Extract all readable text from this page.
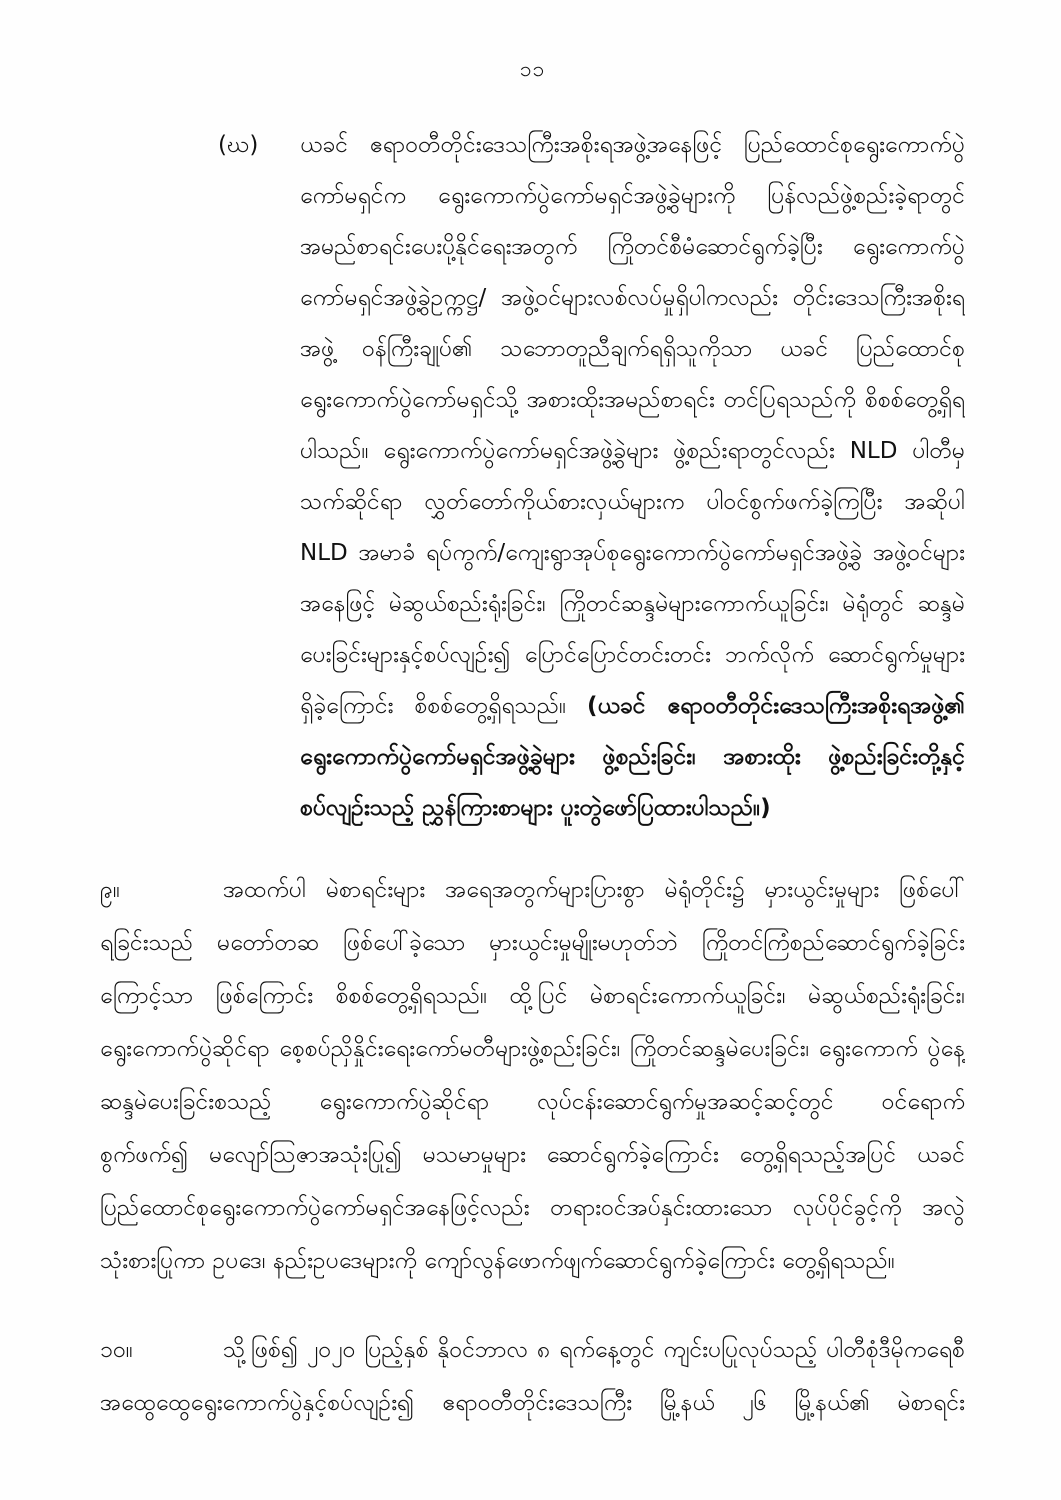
၁၁
(ဃ)	ယခင် ဧရာဝတီတိုင်းဒေသကြီးအစိုးရအဖွဲ့အနေဖြင့် ပြည်ထောင်စုရွေးကောက်ပွဲ
ကော်မရှင်က ရွေးကောက်ပွဲကော်မရှင်အဖွဲ့ခွဲများကို ပြန်လည်ဖွဲ့စည်းခဲ့ရာတွင်
အမည်စာရင်းပေးပို့နိုင်ရေးအတွက် ကြိုတင်စီမံဆောင်ရွက်ခဲ့ပြီး ရွေးကောက်ပွဲ
ကော်မရှင်အဖွဲ့ခွဲဥက္ကဋ္ဌ/ အဖွဲ့ဝင်များလစ်လပ်မှုရှိပါကလည်း တိုင်းဒေသကြီးအစိုးရ
အဖွဲ့ ဝန်ကြီးချုပ်၏ သဘောတူညီချက်ရရှိသူကိုသာ ယခင် ပြည်ထောင်စု
ရွေးကောက်ပွဲကော်မရှင်သို့ အစားထိုးအမည်စာရင်း တင်ပြရသည်ကို စိစစ်တွေ့ရှိရ
ပါသည်။ ရွေးကောက်ပွဲကော်မရှင်အဖွဲ့ခွဲများ ဖွဲ့စည်းရာတွင်လည်း NLD ပါတီမှ
သက်ဆိုင်ရာ လွှတ်တော်ကိုယ်စားလှယ်များက ပါဝင်စွက်ဖက်ခဲ့ကြပြီး အဆိုပါ
NLD အမာခံ ရပ်ကွက်/ကျေးရွာအုပ်စုရွေးကောက်ပွဲကော်မရှင်အဖွဲ့ခွဲ အဖွဲ့ဝင်များ
အနေဖြင့် မဲဆွယ်စည်းရုံးခြင်း၊ ကြိုတင်ဆန္ဒမဲများကောက်ယူခြင်း၊ မဲရုံတွင် ဆန္ဒမဲ
ပေးခြင်းများနှင့်စပ်လျဉ်း၍ ပြောင်ပြောင်တင်းတင်း ဘက်လိုက် ဆောင်ရွက်မှုများ
ရှိခဲ့ကြောင်း စိစစ်တွေ့ရှိရသည်။ (ယခင် ဧရာဝတီတိုင်းဒေသကြီးအစိုးရအဖွဲ့၏
ရွေးကောက်ပွဲကော်မရှင်အဖွဲ့ခွဲများ ဖွဲ့စည်းခြင်း၊ အစားထိုး ဖွဲ့စည်းခြင်းတို့နှင့်
စပ်လျဉ်းသည့် ညွှန်ကြားစာများ ပူးတွဲဖော်ပြထားပါသည်။)
၉။	အထက်ပါ မဲစာရင်းများ အရေအတွက်များပြားစွာ မဲရုံတိုင်း၌ မှားယွင်းမှုများ ဖြစ်ပေါ်
ရခြင်းသည် မတော်တဆ ဖြစ်ပေါ်ခဲ့သော မှားယွင်းမှုမျိုးမဟုတ်ဘဲ ကြိုတင်ကြံစည်ဆောင်ရွက်ခဲ့ခြင်း
ကြောင့်သာ ဖြစ်ကြောင်း စိစစ်တွေ့ရှိရသည်။ ထို့ပြင် မဲစာရင်းကောက်ယူခြင်း၊ မဲဆွယ်စည်းရုံးခြင်း၊
ရွေးကောက်ပွဲဆိုင်ရာ စေ့စပ်ညှိနှိုင်းရေးကော်မတီများဖွဲ့စည်းခြင်း၊ ကြိုတင်ဆန္ဒမဲပေးခြင်း၊ ရွေးကောက် ပွဲနေ့
ဆန္ဒမဲပေးခြင်းစသည့် ရွေးကောက်ပွဲဆိုင်ရာ လုပ်ငန်းဆောင်ရွက်မှုအဆင့်ဆင့်တွင် ဝင်ရောက်
စွက်ဖက်၍ မလျော်ဩဇာအသုံးပြု၍ မသမာမှုများ ဆောင်ရွက်ခဲ့ကြောင်း တွေ့ရှိရသည့်အပြင် ယခင်
ပြည်ထောင်စုရွေးကောက်ပွဲကော်မရှင်အနေဖြင့်လည်း တရားဝင်အပ်နှင်းထားသော လုပ်ပိုင်ခွင့်ကို အလွဲ
သုံးစားပြုကာ ဥပဒေ၊ နည်းဥပဒေများကို ကျော်လွန်ဖောက်ဖျက်ဆောင်ရွက်ခဲ့ကြောင်း တွေ့ရှိရသည်။
၁၀။	သို့ဖြစ်၍ ၂၀၂၀ ပြည့်နှစ် နိုဝင်ဘာလ ၈ ရက်နေ့တွင် ကျင်းပပြုလုပ်သည့် ပါတီစုံဒီမိုကရေစီ
အထွေထွေရွေးကောက်ပွဲနှင့်စပ်လျဉ်း၍ ဧရာဝတီတိုင်းဒေသကြီး မြို့နယ် ၂၆ မြို့နယ်၏ မဲစာရင်း
